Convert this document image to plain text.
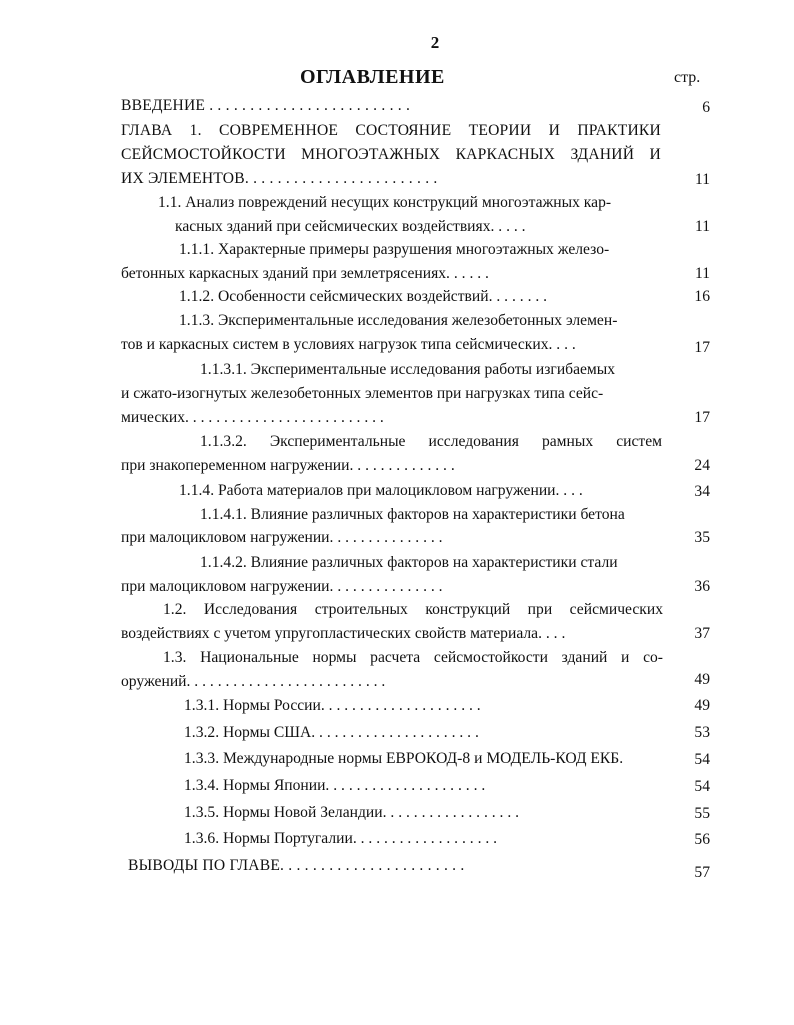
2
ОГЛАВЛЕНИЕ	стр.
ВВЕДЕНИЕ . . . . . . . . . . . . . . . . . . . . . . . . .	6
ГЛАВА 1. СОВРЕМЕННОЕ СОСТОЯНИЕ ТЕОРИИ И ПРАКТИКИ
СЕЙСМОСТОЙКОСТИ МНОГОЭТАЖНЫХ КАРКАСНЫХ ЗДАНИЙ И
ИХ ЭЛЕМЕНТОВ. . . . . . . . . . . . . . . . . . . . . . . .	11
1.1. Анализ повреждений несущих конструкций многоэтажных кар-
касных зданий при сейсмических воздействиях. . . . .	11
1.1.1. Характерные примеры разрушения многоэтажных железо-
бетонных каркасных зданий при землетрясениях. . . . . .	11
1.1.2. Особенности сейсмических воздействий. . . . . . . .	16
1.1.3. Экспериментальные исследования железобетонных элемен-
тов и каркасных систем в условиях нагрузок типа сейсмических. . . .	17
1.1.3.1. Экспериментальные исследования работы изгибаемых
и сжато-изогнутых железобетонных элементов при нагрузках типа сейс-
мических. . . . . . . . . . . . . . . . . . . . . . . . . .	17
1.1.3.2. Экспериментальные исследования рамных систем
при знакопеременном нагружении. . . . . . . . . . . . . .	24
1.1.4. Работа материалов при малоцикловом нагружении. . . .	34
1.1.4.1. Влияние различных факторов на характеристики бетона
при малоцикловом нагружении. . . . . . . . . . . . . . .	35
1.1.4.2. Влияние различных факторов на характеристики стали
при малоцикловом нагружении. . . . . . . . . . . . . . .	36
1.2. Исследования строительных конструкций при сейсмических
воздействиях с учетом упругопластических свойств материала. . . .	37
1.3. Национальные нормы расчета сейсмостойкости зданий и со-
оружений. . . . . . . . . . . . . . . . . . . . . . . . . .	49
1.3.1. Нормы России. . . . . . . . . . . . . . . . . . . . .	49
1.3.2. Нормы США. . . . . . . . . . . . . . . . . . . . . .	53
1.3.3. Международные нормы ЕВРОКОД-8 и МОДЕЛЬ-КОД ЕКБ.	54
1.3.4. Нормы Японии. . . . . . . . . . . . . . . . . . . . .	54
1.3.5. Нормы Новой Зеландии. . . . . . . . . . . . . . . . . .	55
1.3.6. Нормы Португалии. . . . . . . . . . . . . . . . . . .	56
ВЫВОДЫ ПО ГЛАВЕ. . . . . . . . . . . . . . . . . . . . . . .	57
